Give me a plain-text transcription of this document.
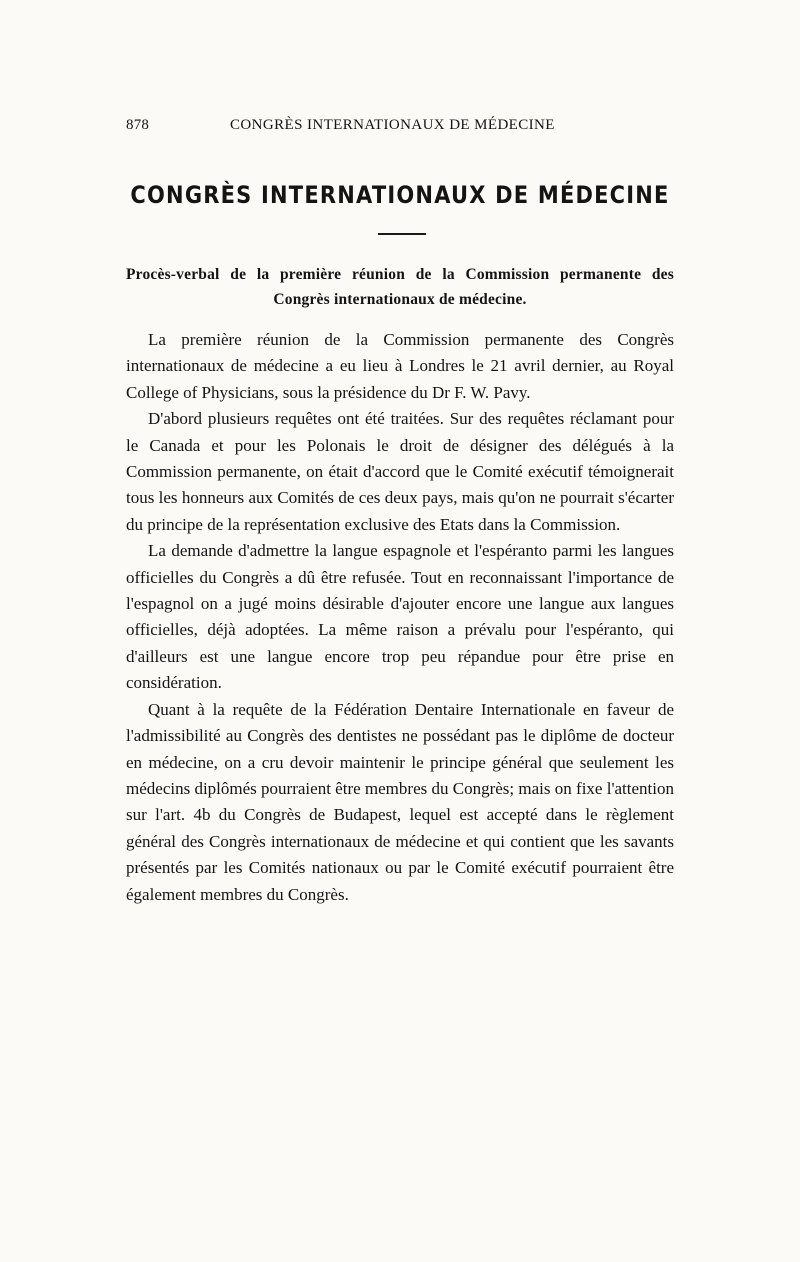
878	CONGRÈS INTERNATIONAUX DE MÉDECINE
CONGRÈS INTERNATIONAUX DE MÉDECINE
Procès-verbal de la première réunion de la Commission permanente des Congrès internationaux de médecine.

La première réunion de la Commission permanente des Congrès internationaux de médecine a eu lieu à Londres le 21 avril dernier, au Royal College of Physicians, sous la présidence du Dr F. W. Pavy.

D'abord plusieurs requêtes ont été traitées. Sur des requêtes réclamant pour le Canada et pour les Polonais le droit de désigner des délégués à la Commission permanente, on était d'accord que le Comité exécutif témoignerait tous les honneurs aux Comités de ces deux pays, mais qu'on ne pourrait s'écarter du principe de la représentation exclusive des Etats dans la Commission.

La demande d'admettre la langue espagnole et l'espéranto parmi les langues officielles du Congrès a dû être refusée. Tout en reconnaissant l'importance de l'espagnol on a jugé moins désirable d'ajouter encore une langue aux langues officielles, déjà adoptées. La même raison a prévalu pour l'espéranto, qui d'ailleurs est une langue encore trop peu répandue pour être prise en considération.

Quant à la requête de la Fédération Dentaire Internationale en faveur de l'admissibilité au Congrès des dentistes ne possédant pas le diplôme de docteur en médecine, on a cru devoir maintenir le principe général que seulement les médecins diplômés pourraient être membres du Congrès; mais on fixe l'attention sur l'art. 4b du Congrès de Budapest, lequel est accepté dans le règlement général des Congrès internationaux de médecine et qui contient que les savants présentés par les Comités nationaux ou par le Comité exécutif pourraient être également membres du Congrès.
